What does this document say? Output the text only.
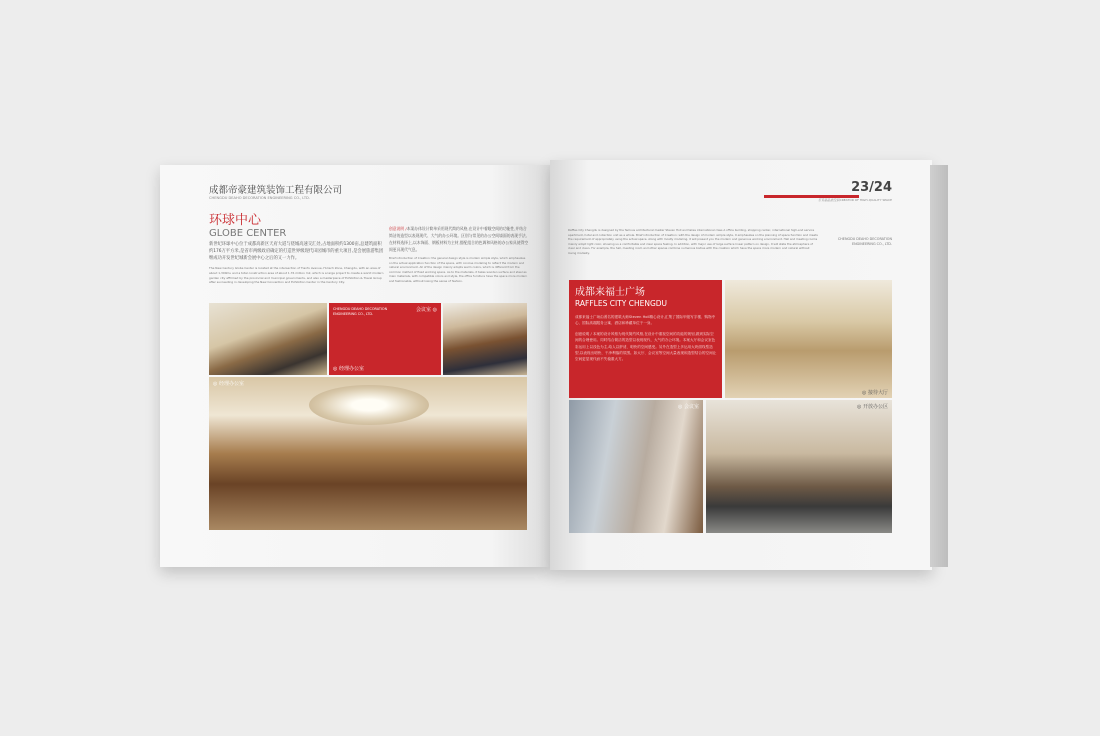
成都帝豪建筑装饰工程有限公司
CHENGDU DEAHO DECORATION ENGINEERING CO., LTD.
环球中心
GLOBE CENTER
新世纪环球中心位于成都高新区天府大道与绕城高速交汇处,占地面积约1300亩,总建筑面积约176万平方米,是省市两级政府确定的打造世界级现代田园城市的重大项目,是会展旅游集团继成功开发世纪城新会展中心之后的又一力作。
The New Century Globe Center is located at the intersection of Tianfu Avenue, Hi-tech Zone, Chengdu, with an area of about 1,300mu and a total construction area of about 1.76 million m2, which is a large project to create a world modern garden city affirmed by the provincial and municipal governments, and also a masterpiece of Exhibition & Travel Group after succeeding in developing the New Convention and Exhibition Center in the Century City.
创意说明 /本案办体设计简单采用现代简约风格,在设计中着眼空间的功能性,并结合简洁的造型以表现现代、大气的办公环境。区别与常见的办公空间墙面的表现手法,在材料选择上,以木饰面、钢板材料为主材,搭配组合的色调和风格的办公家具使得空间更具现代气息。
Brief introduction of Creation: the general design style is modern simple style, which emphasizes on the actual application function of the space, with concise modeling to reflect the modern and natural environment. All of the design mainly adopts warm colors, which is different from the common method of fixed working space. As to the materials, it takes wooden surface and steel as main materials, with compatible colors and style, the office furniture have the space more modern and fashionable, without losing the sense of fashion.
CHENGDU DEAHO DECORATION ENGINEERING CO., LTD.
会议室 ◎
◎ 经理办公室
◎ 经理办公室
23/24
打造高品质空间CREATOR OF HIGH-QUALITY SPACE
Raffles City Chengdu is designed by the famous architectural master Steven Holl and takes international class A office building, shopping center, international high-end service apartment, hotel and collection unit as a whole. Brief introduction of Creation: with the design of modern simple style, it emphasizes on the planning of space function and meets the requirement of appropriately using the actual space. Along with mostly modeling, it will present you the modern and generous working environment. Hall and meeting rooms mainly adopt light color, showing us a comfortable and clear space feeling. In addition, with major use of large surface linear pattern on design, it will state the atmosphere of clear and clean. For example, the hall, meeting room and other spaces combine numerous bodies with the creation which have the space more modern and natural without losing modesty.
CHENGDU DEAHO DECORATION ENGINEERING CO., LTD.
成都来福士广场
RAFFLES CITY CHENGDU
成都来福士广场由著名的建筑大师Steven Holl精心设计,汇集了国际甲级写字楼、购物中心、国际高端服务公寓、酒店和珍藏单位于一身。
创意说明 / 本案的设计风格为现代简约风格,在设计中重视空间的功能的规划,做到实际空间的合理使用。同时结合简洁的造型以表现现代、大气的办公环境。本案大厅和会议室色彩运用上以浅色为主,给人以舒适、明快的空间感受。另外在造型上多运用大块面线型造型,以表现出明快、干净利落的氛围。如大厅、会议室等空间大量表现和造型结合的空间让空间更显现代而不失稳重大方。
◎ 接待大厅
◎ 会议室	◎ 开放办公区
